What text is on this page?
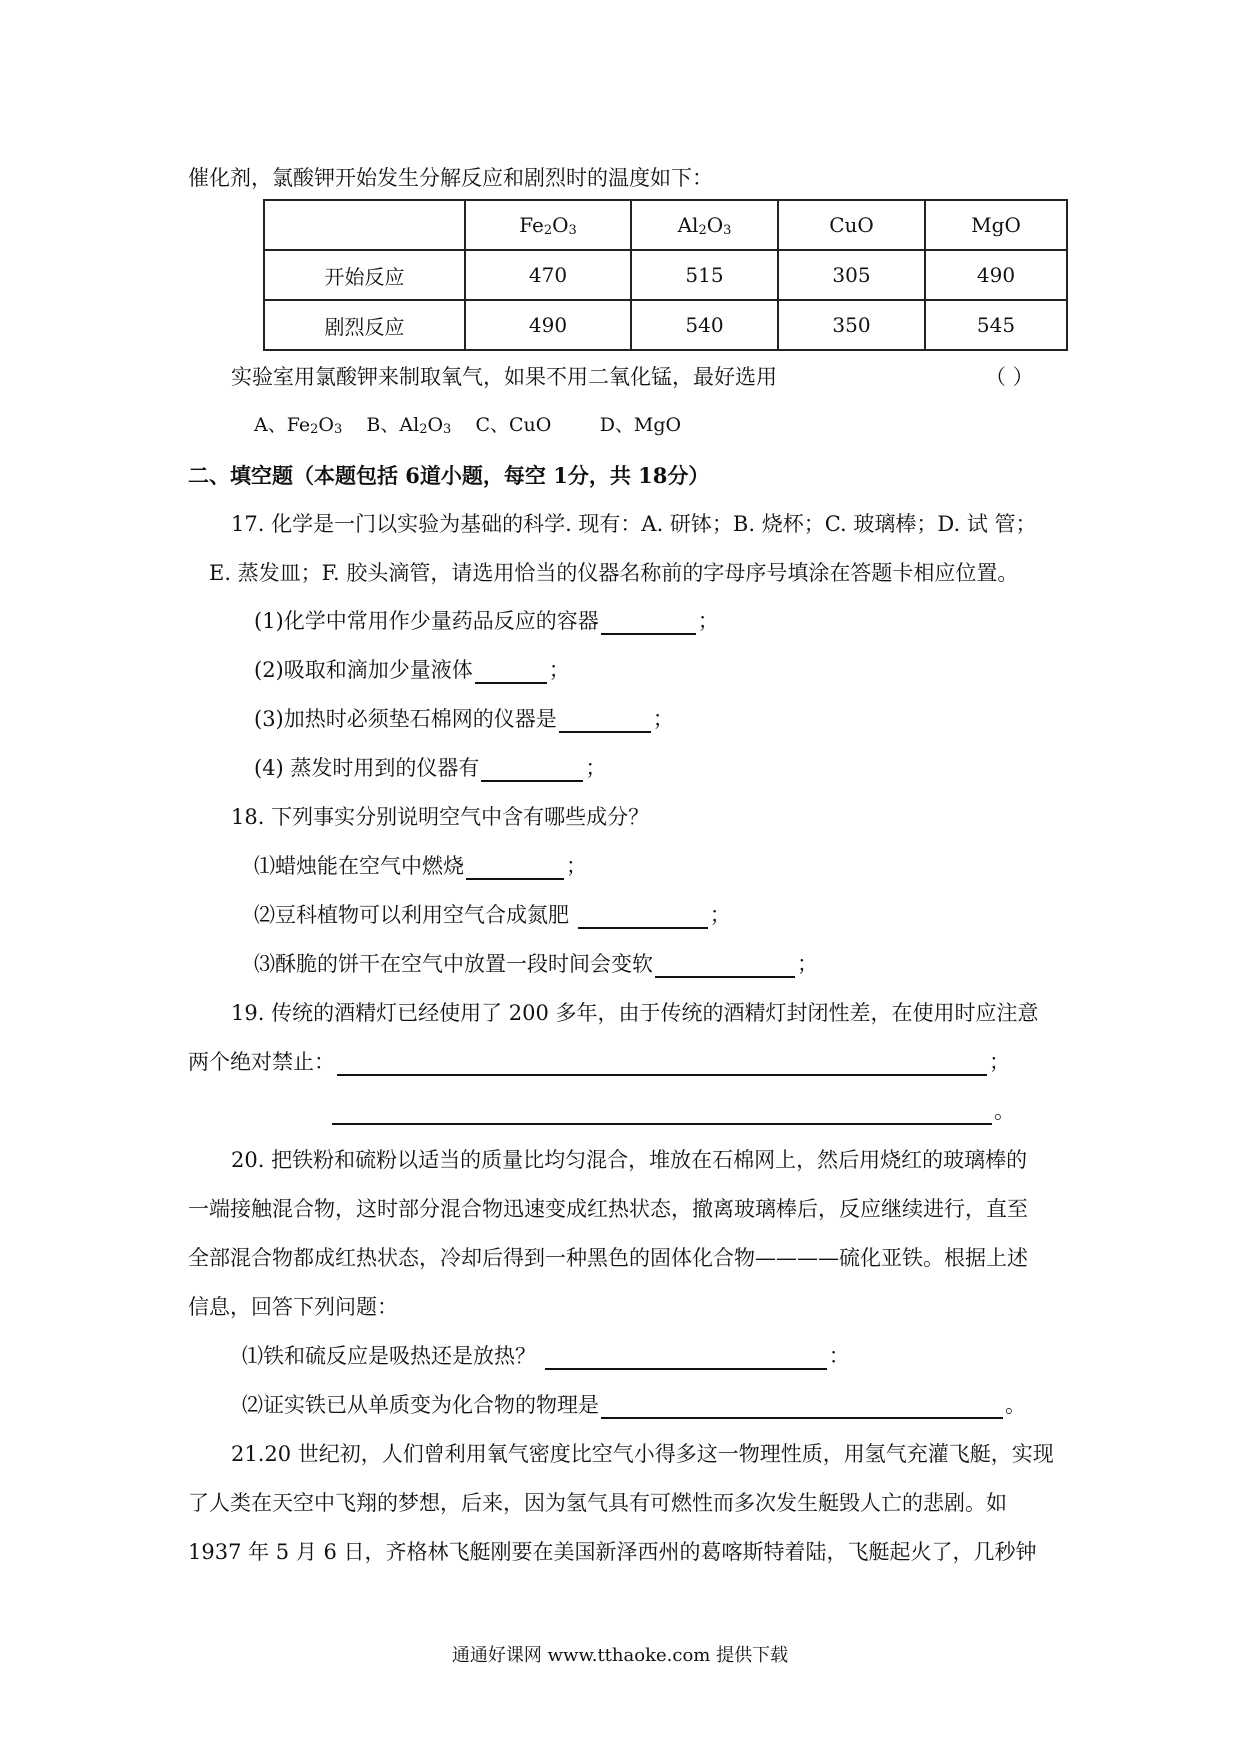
催化剂，氯酸钾开始发生分解反应和剧烈时的温度如下：
	Fe2O3	Al2O3	CuO	MgO
开始反应	470	515	305	490
剧烈反应	490	540	350	545
实验室用氯酸钾来制取氧气，如果不用二氧化锰，最好选用	（ ）
A、Fe2O3    B、Al2O3    C、CuO        D、MgO
二、填空题（本题包括 6道小题，每空 1分，共 18分）
17. 化学是一门以实验为基础的科学. 现有：A. 研钵；B. 烧杯；C. 玻璃棒；D. 试 管；
E. 蒸发皿；F. 胶头滴管，请选用恰当的仪器名称前的字母序号填涂在答题卡相应位置。
(1)化学中常用作少量药品反应的容器	；
(2)吸取和滴加少量液体	；
(3)加热时必须垫石棉网的仪器是	；
(4) 蒸发时用到的仪器有	；
18. 下列事实分别说明空气中含有哪些成分？
⑴蜡烛能在空气中燃烧	；
⑵豆科植物可以利用空气合成氮肥	；
⑶酥脆的饼干在空气中放置一段时间会变软	；
19. 传统的酒精灯已经使用了 200 多年，由于传统的酒精灯封闭性差，在使用时应注意
两个绝对禁止：	；
。
20. 把铁粉和硫粉以适当的质量比均匀混合，堆放在石棉网上，然后用烧红的玻璃棒的
一端接触混合物，这时部分混合物迅速变成红热状态，撤离玻璃棒后，反应继续进行，直至
全部混合物都成红热状态，冷却后得到一种黑色的固体化合物————硫化亚铁。根据上述
信息，回答下列问题：
⑴铁和硫反应是吸热还是放热？	：
⑵证实铁已从单质变为化合物的物理是	。
21.20 世纪初，人们曾利用氧气密度比空气小得多这一物理性质，用氢气充灌飞艇，实现
了人类在天空中飞翔的梦想，后来，因为氢气具有可燃性而多次发生艇毁人亡的悲剧。如
1937 年 5 月 6 日，齐格林飞艇刚要在美国新泽西州的葛喀斯特着陆，飞艇起火了，几秒钟
通通好课网 www.tthaoke.com 提供下载
